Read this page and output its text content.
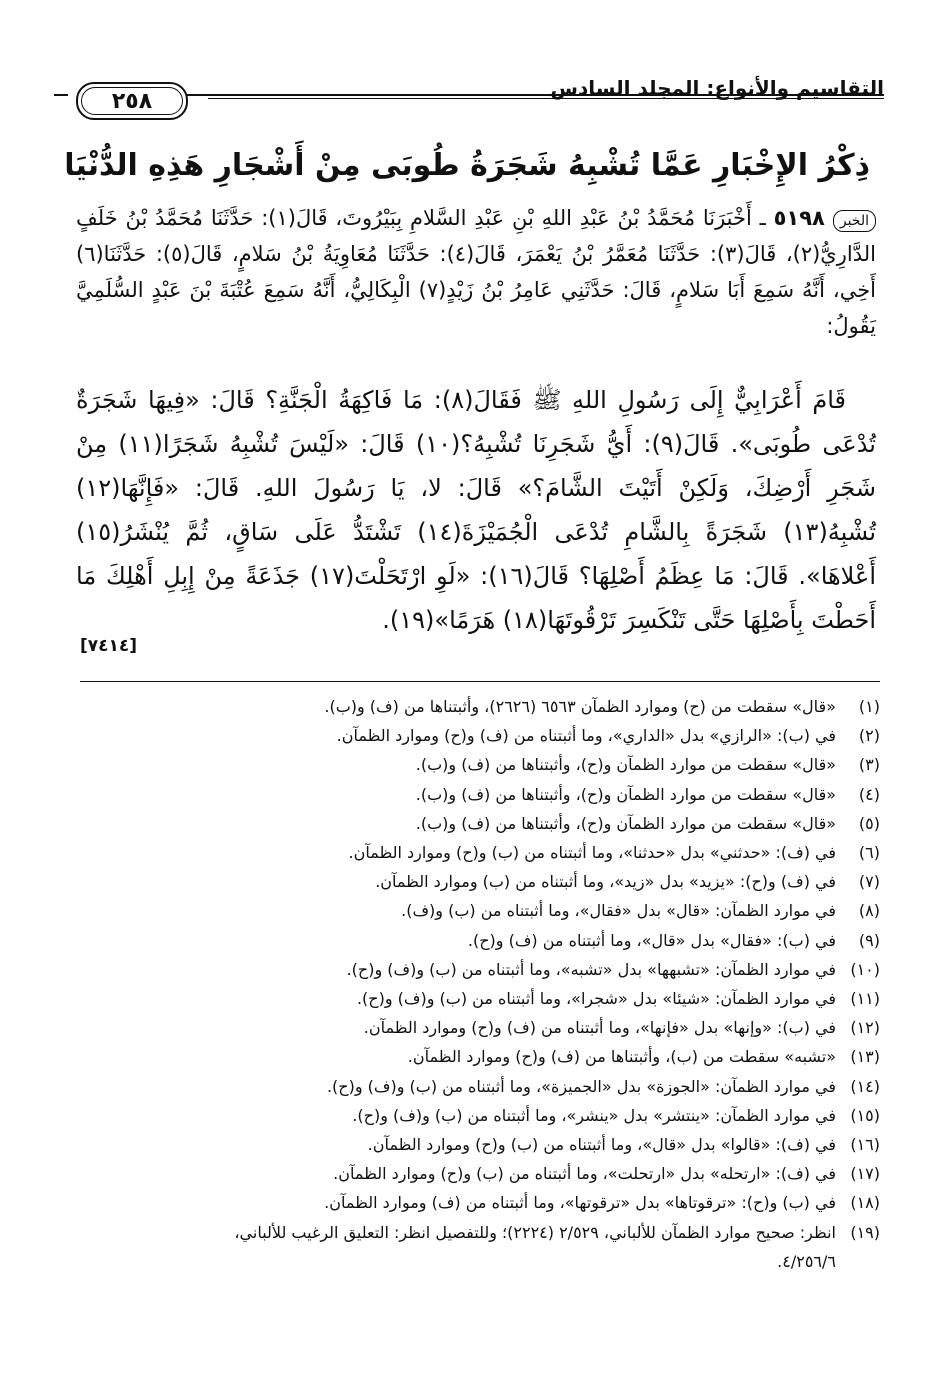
التقاسيم والأنواع: المجلد السادس
٢٥٨
ذِكْرُ الإِخْبَارِ عَمَّا تُشْبِهُ شَجَرَةُ طُوبَى مِنْ أَشْجَارِ هَذِهِ الدُّنْيَا

الخبر٥١٩٨ ـ أَخْبَرَنَا مُحَمَّدُ بْنُ عَبْدِ اللهِ بْنِ عَبْدِ السَّلامِ بِبَيْرُوتَ، قَالَ(١): حَدَّثَنَا مُحَمَّدُ بْنُ خَلَفٍ الدَّارِيُّ(٢)، قَالَ(٣): حَدَّثَنَا مُعَمَّرُ بْنُ يَعْمَرَ، قَالَ(٤): حَدَّثَنَا مُعَاوِيَةُ بْنُ سَلامٍ، قَالَ(٥): حَدَّثَنَا(٦) أَخِي، أَنَّهُ سَمِعَ أَبَا سَلامٍ، قَالَ: حَدَّثَنِي عَامِرُ بْنُ زَيْدٍ(٧) الْبِكَالِيُّ، أَنَّهُ سَمِعَ عُتْبَةَ بْنَ عَبْدٍ السُّلَمِيَّ يَقُولُ:

قَامَ أَعْرَابِيٌّ إِلَى رَسُولِ اللهِ ﷺ فَقَالَ(٨): مَا فَاكِهَةُ الْجَنَّةِ؟ قَالَ: «فِيهَا شَجَرَةٌ تُدْعَى طُوبَى». قَالَ(٩): أَيُّ شَجَرِنَا تُشْبِهُ؟(١٠) قَالَ: «لَيْسَ تُشْبِهُ شَجَرًا(١١) مِنْ شَجَرِ أَرْضِكَ، وَلَكِنْ أَتَيْتَ الشَّامَ؟» قَالَ: لا، يَا رَسُولَ اللهِ. قَالَ: «فَإِنَّهَا(١٢) تُشْبِهُ(١٣) شَجَرَةً بِالشَّامِ تُدْعَى الْجُمَيْزَةَ(١٤) تَشْتَدُّ عَلَى سَاقٍ، ثُمَّ يُنْشَرُ(١٥) أَعْلاهَا». قَالَ: مَا عِظَمُ أَصْلِهَا؟ قَالَ(١٦): «لَوِ ارْتَحَلْتَ(١٧) جَذَعَةً مِنْ إِبِلِ أَهْلِكَ مَا أَحَطْتَ بِأَصْلِهَا حَتَّى تَنْكَسِرَ تَرْقُوتَهَا(١٨) هَرَمًا»(١٩).

[٧٤١٤]

(١)«قال» سقطت من (ح) وموارد الظمآن ٦٥٦٣ (٢٦٢٦)، وأثبتناها من (ف) و(ب).

(٢)في (ب): «الرازي» بدل «الداري»، وما أثبتناه من (ف) و(ح) وموارد الظمآن.

(٣)«قال» سقطت من موارد الظمآن و(ح)، وأثبتناها من (ف) و(ب).

(٤)«قال» سقطت من موارد الظمآن و(ح)، وأثبتناها من (ف) و(ب).

(٥)«قال» سقطت من موارد الظمآن و(ح)، وأثبتناها من (ف) و(ب).

(٦)في (ف): «حدثني» بدل «حدثنا»، وما أثبتناه من (ب) و(ح) وموارد الظمآن.

(٧)في (ف) و(ح): «يزيد» بدل «زيد»، وما أثبتناه من (ب) وموارد الظمآن.

(٨)في موارد الظمآن: «قال» بدل «فقال»، وما أثبتناه من (ب) و(ف).

(٩)في (ب): «فقال» بدل «قال»، وما أثبتناه من (ف) و(ح).

(١٠)في موارد الظمآن: «تشبهها» بدل «تشبه»، وما أثبتناه من (ب) و(ف) و(ح).

(١١)في موارد الظمآن: «شيئا» بدل «شجرا»، وما أثبتناه من (ب) و(ف) و(ح).

(١٢)في (ب): «وإنها» بدل «فإنها»، وما أثبتناه من (ف) و(ح) وموارد الظمآن.

(١٣)«تشبه» سقطت من (ب)، وأثبتناها من (ف) و(ح) وموارد الظمآن.

(١٤)في موارد الظمآن: «الجوزة» بدل «الجميزة»، وما أثبتناه من (ب) و(ف) و(ح).

(١٥)في موارد الظمآن: «ينتشر» بدل «ينشر»، وما أثبتناه من (ب) و(ف) و(ح).

(١٦)في (ف): «قالوا» بدل «قال»، وما أثبتناه من (ب) و(ح) وموارد الظمآن.

(١٧)في (ف): «ارتحله» بدل «ارتحلت»، وما أثبتناه من (ب) و(ح) وموارد الظمآن.

(١٨)في (ب) و(ح): «ترقوتاها» بدل «ترقوتها»، وما أثبتناه من (ف) وموارد الظمآن.

(١٩)انظر: صحيح موارد الظمآن للألباني، ٢/٥٢٩ (٢٢٢٤)؛ وللتفصيل انظر: التعليق الرغيب للألباني،

٤/٢٥٦/٦.
